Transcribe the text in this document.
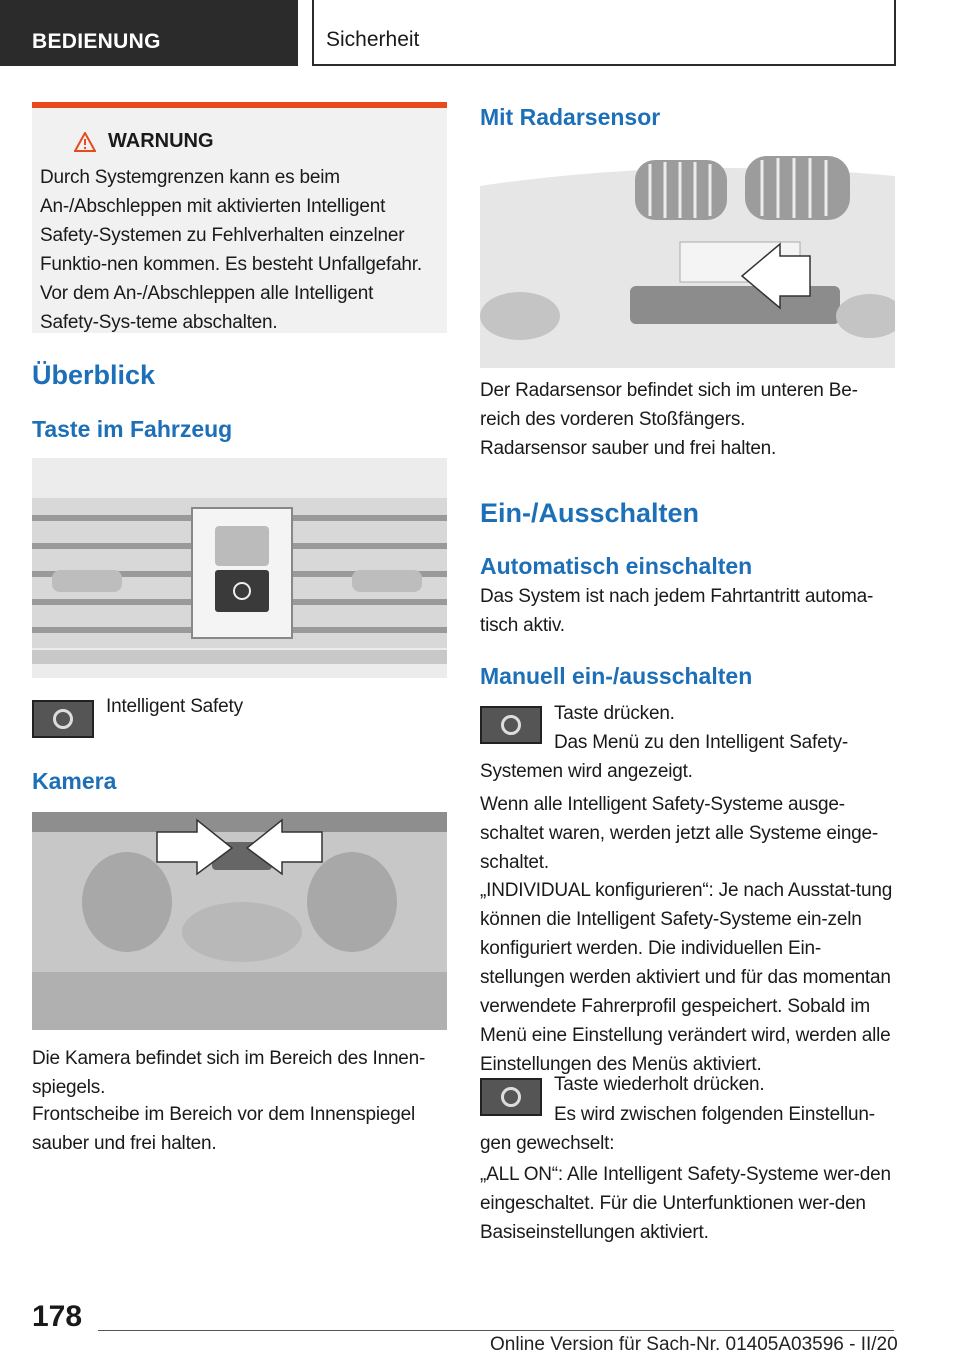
BEDIENUNG	Sicherheit
WARNUNG
Durch Systemgrenzen kann es beim An-/Abschleppen mit aktivierten Intelligent Safety-Systemen zu Fehlverhalten einzelner Funktio-nen kommen. Es besteht Unfallgefahr. Vor dem An-/Abschleppen alle Intelligent Safety-Sys-teme abschalten.
Überblick
Taste im Fahrzeug
Intelligent Safety
Kamera
Die Kamera befindet sich im Bereich des Innen-spiegels.
Frontscheibe im Bereich vor dem Innenspiegel sauber und frei halten.
Mit Radarsensor
Der Radarsensor befindet sich im unteren Be-reich des vorderen Stoßfängers.
Radarsensor sauber und frei halten.
Ein-/Ausschalten
Automatisch einschalten
Das System ist nach jedem Fahrtantritt automa-tisch aktiv.
Manuell ein-/ausschalten
Taste drücken.
Das Menü zu den Intelligent Safety-Systemen wird angezeigt.
Wenn alle Intelligent Safety-Systeme ausge-schaltet waren, werden jetzt alle Systeme einge-schaltet.
„INDIVIDUAL konfigurieren“: Je nach Ausstat-tung können die Intelligent Safety-Systeme ein-zeln konfiguriert werden. Die individuellen Ein-stellungen werden aktiviert und für das momentan verwendete Fahrerprofil gespeichert. Sobald im Menü eine Einstellung verändert wird, werden alle Einstellungen des Menüs aktiviert.
Taste wiederholt drücken.
Es wird zwischen folgenden Einstellun-gen gewechselt:
„ALL ON“: Alle Intelligent Safety-Systeme wer-den eingeschaltet. Für die Unterfunktionen wer-den Basiseinstellungen aktiviert.
178
Online Version für Sach-Nr. 01405A03596 - II/20
